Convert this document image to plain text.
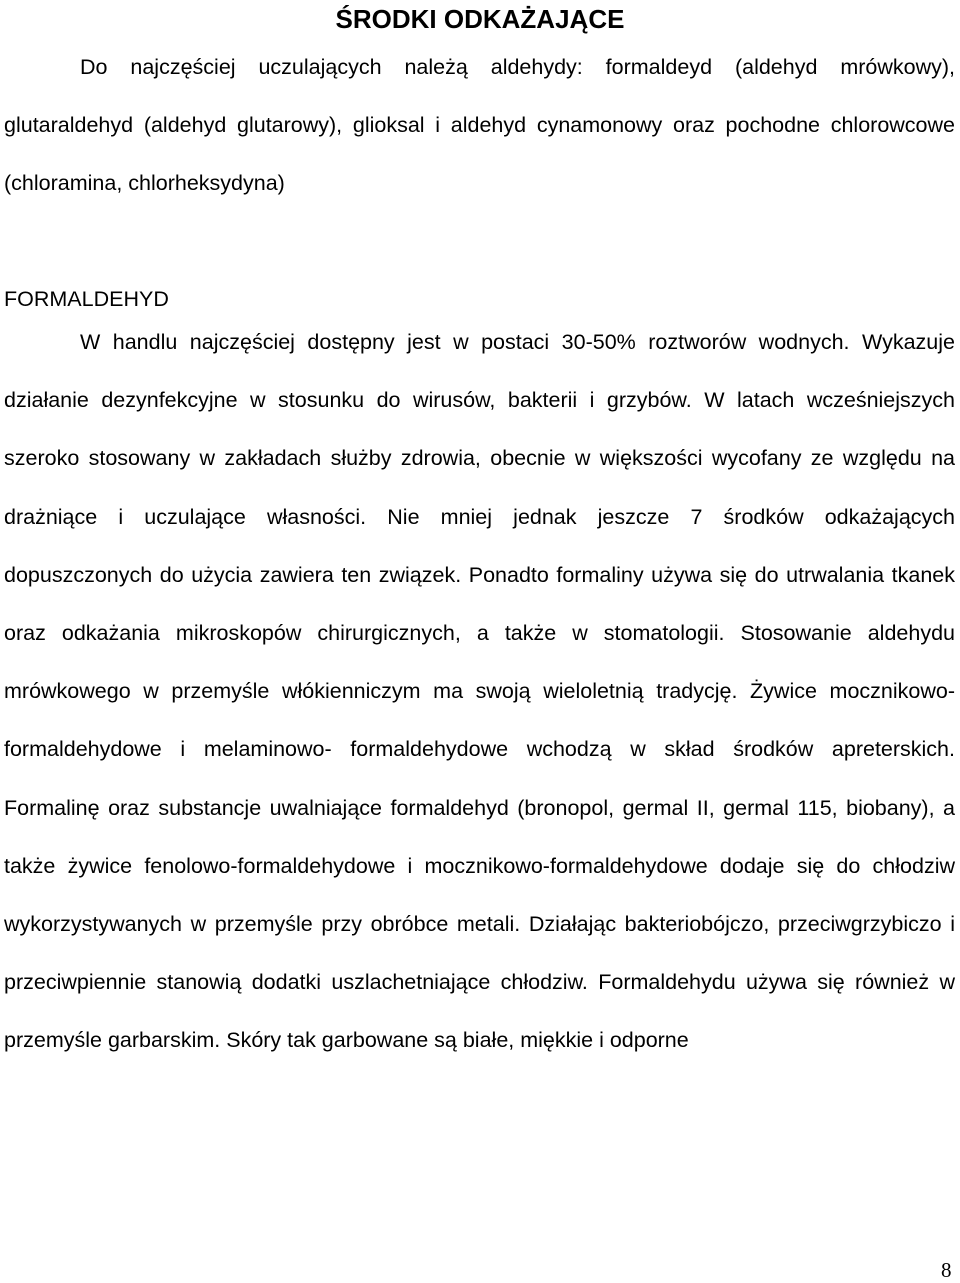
ŚRODKI ODKAŻAJĄCE

Do najczęściej uczulających należą aldehydy: formaldeyd (aldehyd mrówkowy), glutaraldehyd (aldehyd glutarowy), glioksal i aldehyd cynamonowy oraz pochodne chlorowcowe (chloramina, chlorheksydyna)

FORMALDEHYD

W handlu najczęściej dostępny jest w postaci 30-50% roztworów wodnych. Wykazuje działanie dezynfekcyjne w stosunku do wirusów, bakterii i grzybów. W latach wcześniejszych szeroko stosowany w zakładach służby zdrowia, obecnie w większości wycofany ze względu na drażniące i uczulające własności. Nie mniej jednak jeszcze 7 środków odkażających dopuszczonych do użycia zawiera ten związek. Ponadto formaliny używa się do utrwalania tkanek oraz odkażania mikroskopów chirurgicznych, a także w stomatologii. Stosowanie aldehydu mrówkowego w przemyśle włókienniczym ma swoją wieloletnią tradycję. Żywice mocznikowo-formaldehydowe i melaminowo- formaldehydowe wchodzą w skład środków apreterskich. Formalinę oraz substancje uwalniające formaldehyd (bronopol, germal II, germal 115, biobany), a także żywice fenolowo-formaldehydowe i mocznikowo-formaldehydowe dodaje się do chłodziw wykorzystywanych w przemyśle przy obróbce metali. Działając bakteriobójczo, przeciwgrzybiczo i przeciwpiennie stanowią dodatki uszlachetniające chłodziw. Formaldehydu używa się również w przemyśle garbarskim. Skóry tak garbowane są białe, miękkie i odporne

8
